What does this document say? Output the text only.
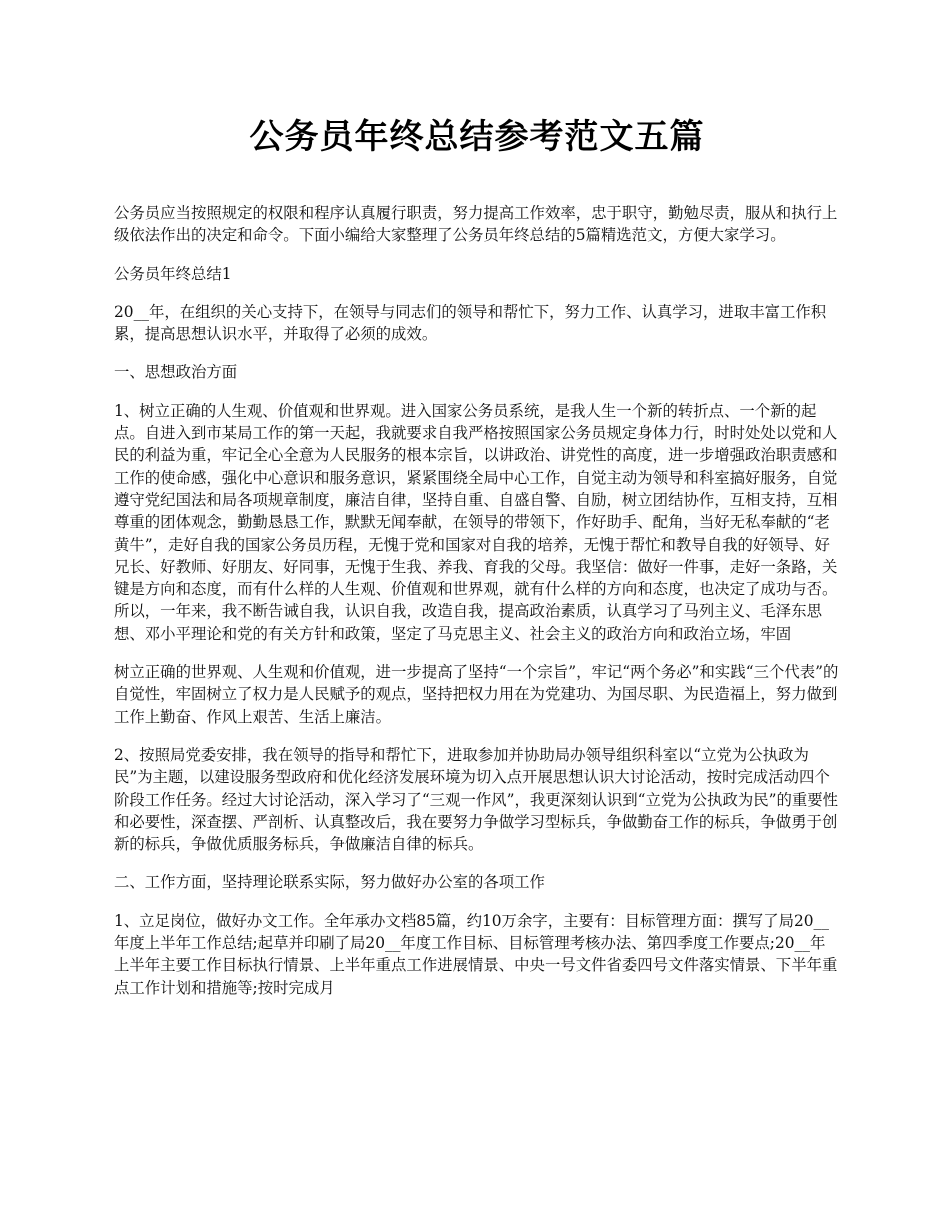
公务员年终总结参考范文五篇

公务员应当按照规定的权限和程序认真履行职责，努力提高工作效率，忠于职守，勤勉尽责，服从和执行上级依法作出的决定和命令。下面小编给大家整理了公务员年终总结的5篇精选范文，方便大家学习。

公务员年终总结1

20__年，在组织的关心支持下，在领导与同志们的领导和帮忙下，努力工作、认真学习，进取丰富工作积累，提高思想认识水平，并取得了必须的成效。

一、思想政治方面

1、树立正确的人生观、价值观和世界观。进入国家公务员系统，是我人生一个新的转折点、一个新的起点。自进入到市某局工作的第一天起，我就要求自我严格按照国家公务员规定身体力行，时时处处以党和人民的利益为重，牢记全心全意为人民服务的根本宗旨，以讲政治、讲党性的高度，进一步增强政治职责感和工作的使命感，强化中心意识和服务意识，紧紧围绕全局中心工作，自觉主动为领导和科室搞好服务，自觉遵守党纪国法和局各项规章制度，廉洁自律，坚持自重、自盛自警、自励，树立团结协作，互相支持，互相尊重的团体观念，勤勤恳恳工作，默默无闻奉献，在领导的带领下，作好助手、配角，当好无私奉献的“老黄牛”，走好自我的国家公务员历程，无愧于党和国家对自我的培养，无愧于帮忙和教导自我的好领导、好兄长、好教师、好朋友、好同事，无愧于生我、养我、育我的父母。我坚信：做好一件事，走好一条路，关键是方向和态度，而有什么样的人生观、价值观和世界观，就有什么样的方向和态度，也决定了成功与否。所以，一年来，我不断告诫自我，认识自我，改造自我，提高政治素质，认真学习了马列主义、毛泽东思想、邓小平理论和党的有关方针和政策，坚定了马克思主义、社会主义的政治方向和政治立场，牢固

树立正确的世界观、人生观和价值观，进一步提高了坚持“一个宗旨”，牢记“两个务必”和实践“三个代表”的自觉性，牢固树立了权力是人民赋予的观点，坚持把权力用在为党建功、为国尽职、为民造福上，努力做到工作上勤奋、作风上艰苦、生活上廉洁。

2、按照局党委安排，我在领导的指导和帮忙下，进取参加并协助局办领导组织科室以“立党为公执政为民”为主题，以建设服务型政府和优化经济发展环境为切入点开展思想认识大讨论活动，按时完成活动四个阶段工作任务。经过大讨论活动，深入学习了“三观一作风”，我更深刻认识到“立党为公执政为民”的重要性和必要性，深查摆、严剖析、认真整改后，我在要努力争做学习型标兵，争做勤奋工作的标兵，争做勇于创新的标兵，争做优质服务标兵，争做廉洁自律的标兵。

二、工作方面，坚持理论联系实际，努力做好办公室的各项工作

1、立足岗位，做好办文工作。全年承办文档85篇，约10万余字，主要有：目标管理方面：撰写了局20__年度上半年工作总结;起草并印刷了局20__年度工作目标、目标管理考核办法、第四季度工作要点;20__年上半年主要工作目标执行情景、上半年重点工作进展情景、中央一号文件省委四号文件落实情景、下半年重点工作计划和措施等;按时完成月
